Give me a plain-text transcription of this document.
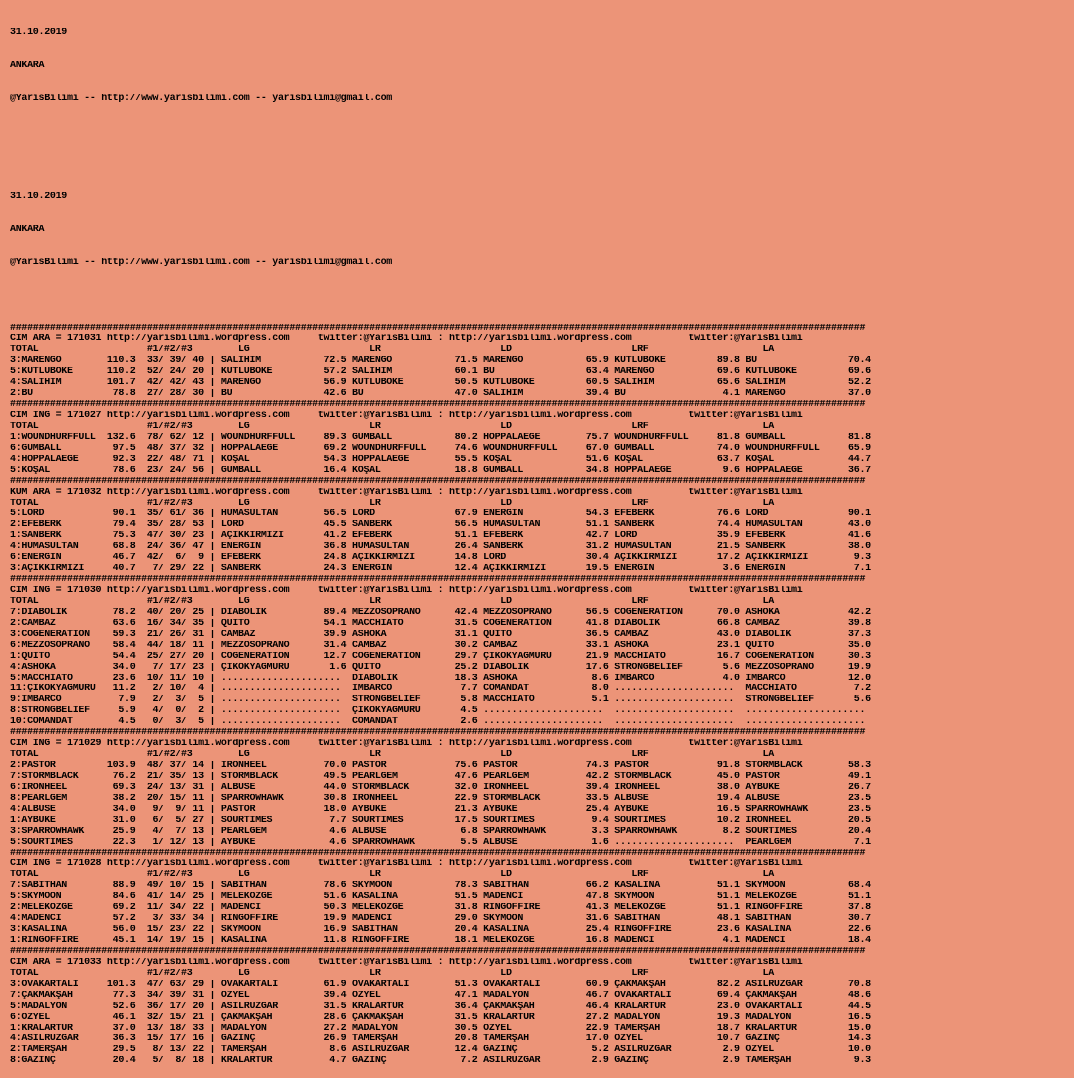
31.10.2019

ANKARA

@YarisBilimi -- http://www.yarisbilimi.com -- yarisbilimi@gmail.com

31.10.2019

ANKARA

@YarisBilimi -- http://www.yarisbilimi.com -- yarisbilimi@gmail.com

######################################################################################################################################################
CIM ARA = 171031 http://yarisbilimi.wordpress.com     twitter:@YarisBilimi : http://yarisbilimi.wordpress.com          twitter:@YarisBilimi
TOTAL                   #1/#2/#3        LG                     LR                     LD                     LRF                    LA
3:MARENGO        110.3  33/ 39/ 40 | SALİHİM           72.5 MARENGO           71.5 MARENGO           65.9 KUTLUBÖKE         89.8 BU                70.4
5:KUTLUBÖKE      110.2  52/ 24/ 20 | KUTLUBÖKE         57.2 SALİHİM           60.1 BU                63.4 MARENGO           69.6 KUTLUBÖKE         69.6
4:SALİHİM        101.7  42/ 42/ 43 | MARENGO           56.9 KUTLUBÖKE         50.5 KUTLUBÖKE         60.5 SALİHİM           65.6 SALİHİM           52.2
2:BU              78.8  27/ 28/ 30 | BU                42.6 BU                47.0 SALİHİM           39.4 BU                 4.1 MARENGO           37.0
######################################################################################################################################################
CIM ING = 171027 http://yarisbilimi.wordpress.com     twitter:@YarisBilimi : http://yarisbilimi.wordpress.com          twitter:@YarisBilimi
TOTAL                   #1/#2/#3        LG                     LR                     LD                     LRF                    LA
1:WOUNDHURFFULL  132.6  78/ 62/ 12 | WOUNDHURFFULL     89.3 GUMBALL           80.2 HOPPALAEGE        75.7 WOUNDHURFFULL     81.8 GUMBALL           81.8
6:GUMBALL         97.5  48/ 37/ 32 | HOPPALAEGE        69.2 WOUNDHURFFULL     74.6 WOUNDHURFFULL     67.0 GUMBALL           74.0 WOUNDHURFFULL     65.9
4:HOPPALAEGE      92.3  22/ 48/ 71 | KOŞAL             54.3 HOPPALAEGE        55.5 KOŞAL             51.6 KOŞAL             63.7 KOŞAL             44.7
5:KOŞAL           78.6  23/ 24/ 56 | GUMBALL           16.4 KOŞAL             18.8 GUMBALL           34.8 HOPPALAEGE         9.6 HOPPALAEGE        36.7
######################################################################################################################################################
KUM ARA = 171032 http://yarisbilimi.wordpress.com     twitter:@YarisBilimi : http://yarisbilimi.wordpress.com          twitter:@YarisBilimi
TOTAL                   #1/#2/#3        LG                     LR                     LD                     LRF                    LA
5:LORD            90.1  35/ 61/ 36 | HUMASULTAN        56.5 LORD              67.9 ENERGİN           54.3 EFEBERK           76.6 LORD              90.1
2:EFEBERK         79.4  35/ 28/ 53 | LORD              45.5 SANBERK           56.5 HUMASULTAN        51.1 SANBERK           74.4 HUMASULTAN        43.0
1:SANBERK         75.3  47/ 30/ 23 | AÇIKKIRMIZI       41.2 EFEBERK           51.1 EFEBERK           42.7 LORD              35.9 EFEBERK           41.6
4:HUMASULTAN      68.8  24/ 36/ 47 | ENERGİN           36.8 HUMASULTAN        26.4 SANBERK           31.2 HUMASULTAN        21.5 SANBERK           38.0
6:ENERGİN         46.7  42/  6/  9 | EFEBERK           24.8 AÇIKKIRMIZI       14.8 LORD              30.4 AÇIKKIRMIZI       17.2 AÇIKKIRMIZI        9.3
3:AÇIKKIRMIZI     40.7   7/ 29/ 22 | SANBERK           24.3 ENERGİN           12.4 AÇIKKIRMIZI       19.5 ENERGİN            3.6 ENERGİN            7.1
######################################################################################################################################################
CIM ING = 171030 http://yarisbilimi.wordpress.com     twitter:@YarisBilimi : http://yarisbilimi.wordpress.com          twitter:@YarisBilimi
TOTAL                   #1/#2/#3        LG                     LR                     LD                     LRF                    LA
7:DIABOLİK        78.2  40/ 20/ 25 | DIABOLİK          89.4 MEZZOSOPRANO      42.4 MEZZOSOPRANO      56.5 COGENERATION      70.0 ASHOKA            42.2
2:CAMBAZ          63.6  16/ 34/ 35 | QUITO             54.1 MACCHIATO         31.5 COGENERATION      41.8 DIABOLİK          66.8 CAMBAZ            39.8
3:COGENERATION    59.3  21/ 26/ 31 | CAMBAZ            39.9 ASHOKA            31.1 QUITO             36.5 CAMBAZ            43.0 DIABOLİK          37.3
6:MEZZOSOPRANO    58.4  44/ 18/ 11 | MEZZOSOPRANO      31.4 CAMBAZ            30.2 CAMBAZ            33.1 ASHOKA            23.1 QUITO             35.0
1:QUITO           54.4  25/ 27/ 20 | COGENERATION      12.7 COGENERATION      29.7 ÇIKOKYAĞMURU      21.9 MACCHIATO         16.7 COGENERATION      30.3
4:ASHOKA          34.0   7/ 17/ 23 | ÇIKOKYAĞMURU       1.6 QUITO             25.2 DIABOLİK          17.6 STRONGBELIEF       5.6 MEZZOSOPRANO      19.9
5:MACCHIATO       23.6  10/ 11/ 10 | .....................  DIABOLİK          18.3 ASHOKA             8.6 IMBARCO            4.0 IMBARCO           12.0
11:ÇIKOKYAĞMURU   11.2   2/ 10/  4 | .....................  IMBARCO            7.7 COMANDAT           8.0 .....................  MACCHIATO          7.2
9:IMBARCO          7.9   2/  3/  5 | .....................  STRONGBELIEF       5.8 MACCHIATO          5.1 .....................  STRONGBELIEF       5.6
8:STRONGBELIEF     5.9   4/  0/  2 | .....................  ÇIKOKYAĞMURU       4.5 .....................  .....................  .....................
10:COMANDAT        4.5   0/  3/  5 | .....................  COMANDAT           2.6 .....................  .....................  .....................
######################################################################################################################################################
CIM ING = 171029 http://yarisbilimi.wordpress.com     twitter:@YarisBilimi : http://yarisbilimi.wordpress.com          twitter:@YarisBilimi
TOTAL                   #1/#2/#3        LG                     LR                     LD                     LRF                    LA
2:PASTOR         103.9  48/ 37/ 14 | IRONHEEL          70.0 PASTOR            75.6 PASTOR            74.3 PASTOR            91.8 STORMBLACK        58.3
7:STORMBLACK      76.2  21/ 35/ 13 | STORMBLACK        49.5 PEARLGEM          47.6 PEARLGEM          42.2 STORMBLACK        45.0 PASTOR            49.1
6:IRONHEEL        69.3  24/ 13/ 31 | ALBUSE            44.0 STORMBLACK        32.0 IRONHEEL          39.4 IRONHEEL          38.0 AYBÜKE            26.7
8:PEARLGEM        38.2  20/ 15/ 11 | SPARROWHAWK       30.8 IRONHEEL          22.9 STORMBLACK        33.5 ALBUSE            19.4 ALBUSE            23.5
4:ALBUSE          34.0   9/  9/ 11 | PASTOR            18.0 AYBÜKE            21.3 AYBÜKE            25.4 AYBÜKE            16.5 SPARROWHAWK       23.5
1:AYBÜKE          31.0   6/  5/ 27 | SOURTIMES          7.7 SOURTIMES         17.5 SOURTIMES          9.4 SOURTIMES         10.2 IRONHEEL          20.5
3:SPARROWHAWK     25.9   4/  7/ 13 | PEARLGEM           4.6 ALBUSE             6.8 SPARROWHAWK        3.3 SPARROWHAWK        8.2 SOURTIMES         20.4
5:SOURTIMES       22.3   1/ 12/ 13 | AYBÜKE             4.6 SPARROWHAWK        5.5 ALBUSE             1.6 .....................  PEARLGEM           7.1
######################################################################################################################################################
CIM ING = 171028 http://yarisbilimi.wordpress.com     twitter:@YarisBilimi : http://yarisbilimi.wordpress.com          twitter:@YarisBilimi
TOTAL                   #1/#2/#3        LG                     LR                     LD                     LRF                    LA
7:SABİTHAN        88.9  49/ 10/ 15 | SABİTHAN          78.6 SKYMOON           78.3 SABİTHAN          66.2 KASALINA          51.1 SKYMOON           68.4
5:SKYMOON         84.6  41/ 14/ 25 | MELEKÖZGE         51.6 KASALINA          51.5 MADENCİ           47.8 SKYMOON           51.1 MELEKÖZGE         51.1
2:MELEKÖZGE       69.2  11/ 34/ 22 | MADENCİ           50.3 MELEKÖZGE         31.8 RINGOFFIRE        41.3 MELEKÖZGE         51.1 RINGOFFIRE        37.8
4:MADENCİ         57.2   3/ 33/ 34 | RINGOFFIRE        19.9 MADENCİ           29.0 SKYMOON           31.6 SABİTHAN          48.1 SABİTHAN          30.7
3:KASALINA        56.0  15/ 23/ 22 | SKYMOON           16.9 SABİTHAN          20.4 KASALINA          25.4 RINGOFFIRE        23.6 KASALINA          22.6
1:RINGOFFIRE      45.1  14/ 19/ 15 | KASALINA          11.8 RINGOFFIRE        18.1 MELEKÖZGE         16.8 MADENCİ            4.1 MADENCİ           18.4
######################################################################################################################################################
CIM ARA = 171033 http://yarisbilimi.wordpress.com     twitter:@YarisBilimi : http://yarisbilimi.wordpress.com          twitter:@YarisBilimi
TOTAL                   #1/#2/#3        LG                     LR                     LD                     LRF                    LA
3:OVAKARTALI     101.3  47/ 63/ 29 | OVAKARTALI        61.9 OVAKARTALI        51.3 OVAKARTALI        60.9 ÇAKMAKŞAH         82.2 ASILRÜZGAR        70.8
7:ÇAKMAKŞAH       77.3  34/ 39/ 31 | ÖZYEL             39.4 ÖZYEL             47.1 MADALYON          46.7 OVAKARTALI        69.4 ÇAKMAKŞAH         48.6
5:MADALYON        52.6  36/ 17/ 20 | ASILRÜZGAR        31.5 KRALARTUR         36.4 ÇAKMAKŞAH         46.4 KRALARTUR         23.0 OVAKARTALI        44.5
6:ÖZYEL           46.1  32/ 15/ 21 | ÇAKMAKŞAH         28.6 ÇAKMAKŞAH         31.5 KRALARTUR         27.2 MADALYON          19.3 MADALYON          16.5
1:KRALARTUR       37.0  13/ 18/ 33 | MADALYON          27.2 MADALYON          30.5 ÖZYEL             22.9 TAMERŞAH          18.7 KRALARTUR         15.0
4:ASILRÜZGAR      36.3  15/ 17/ 16 | GAZİNÇ            26.9 TAMERŞAH          20.8 TAMERŞAH          17.0 ÖZYEL             10.7 GAZİNÇ            14.3
2:TAMERŞAH        29.5   8/ 13/ 22 | TAMERŞAH           8.6 ASILRÜZGAR        12.4 GAZİNÇ             5.2 ASILRÜZGAR         2.9 ÖZYEL             10.0
8:GAZİNÇ          20.4   5/  8/ 18 | KRALARTUR          4.7 GAZİNÇ             7.2 ASILRÜZGAR         2.9 GAZİNÇ             2.9 TAMERŞAH           9.3
